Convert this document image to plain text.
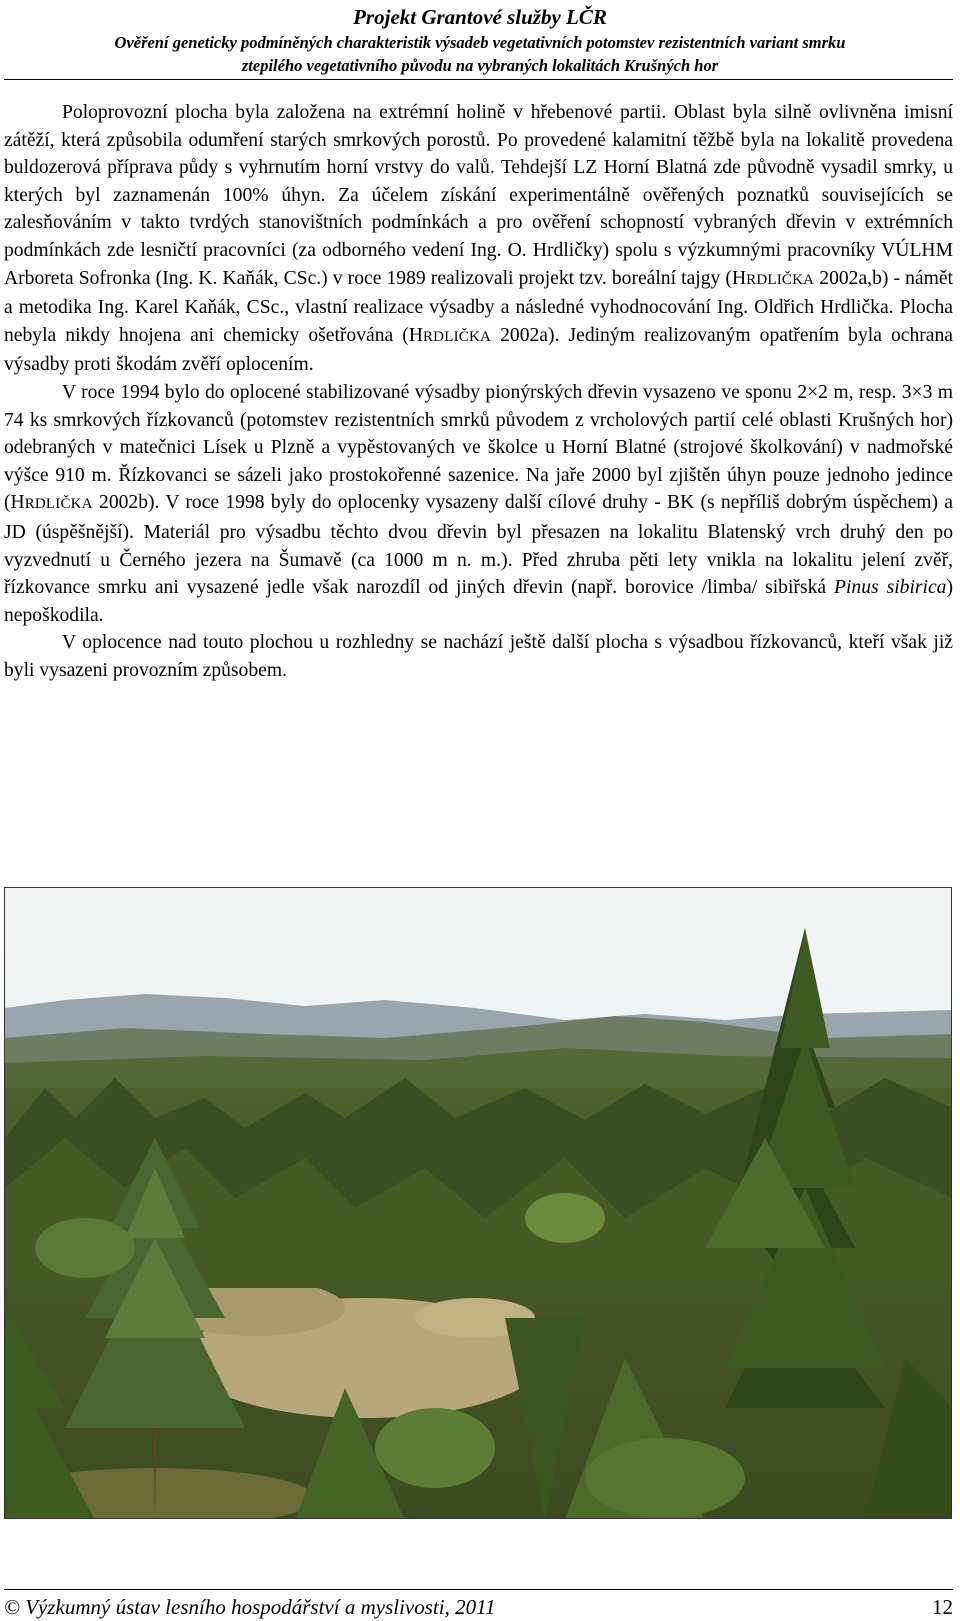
Projekt Grantové služby LČR
Ověření geneticky podmíněných charakteristik výsadeb vegetativních potomstev rezistentních variant smrku
ztepilého vegetativního původu na vybraných lokalitách Krušných hor

Poloprovozní plocha byla založena na extrémní holině v hřebenové partii. Oblast byla silně ovlivněna imisní zátěží, která způsobila odumření starých smrkových porostů. Po provedené kalamitní těžbě byla na lokalitě provedena buldozerová příprava půdy s vyhrnutím horní vrstvy do valů. Tehdejší LZ Horní Blatná zde původně vysadil smrky, u kterých byl zaznamenán 100% úhyn. Za účelem získání experimentálně ověřených poznatků souvisejících se zalesňováním v takto tvrdých stanovištních podmínkách a pro ověření schopností vybraných dřevin v extrémních podmínkách zde lesničtí pracovníci (za odborného vedení Ing. O. Hrdličky) spolu s výzkumnými pracovníky VÚLHM Arboreta Sofronka (Ing. K. Kaňák, CSc.) v roce 1989 realizovali projekt tzv. boreální tajgy (HRDLIČKA 2002a,b) - námět a metodika Ing. Karel Kaňák, CSc., vlastní realizace výsadby a následné vyhodnocování Ing. Oldřich Hrdlička. Plocha nebyla nikdy hnojena ani chemicky ošetřována (HRDLIČKA 2002a). Jediným realizovaným opatřením byla ochrana výsadby proti škodám zvěří oplocením.

V roce 1994 bylo do oplocené stabilizované výsadby pionýrských dřevin vysazeno ve sponu 2×2 m, resp. 3×3 m 74 ks smrkových řízkovanců (potomstev rezistentních smrků původem z vrcholových partií celé oblasti Krušných hor) odebraných v matečnici Lísek u Plzně a vypěstovaných ve školce u Horní Blatné (strojové školkování) v nadmořské výšce 910 m. Řízkovanci se sázeli jako prostokořenné sazenice. Na jaře 2000 byl zjištěn úhyn pouze jednoho jedince (HRDLIČKA 2002b). V roce 1998 byly do oplocenky vysazeny další cílové druhy - BK (s nepříliš dobrým úspěchem) a JD (úspěšnější). Materiál pro výsadbu těchto dvou dřevin byl přesazen na lokalitu Blatenský vrch druhý den po vyzvednutí u Černého jezera na Šumavě (ca 1000 m n. m.). Před zhruba pěti lety vnikla na lokalitu jelení zvěř, řízkovance smrku ani vysazené jedle však narozdíl od jiných dřevin (např. borovice /limba/ sibiřská Pinus sibirica) nepoškodila.

V oplocence nad touto plochou u rozhledny se nachází ještě další plocha s výsadbou řízkovanců, kteří však již byli vysazeni provozním způsobem.

© Výzkumný ústav lesního hospodářství a myslivosti, 2011	12
